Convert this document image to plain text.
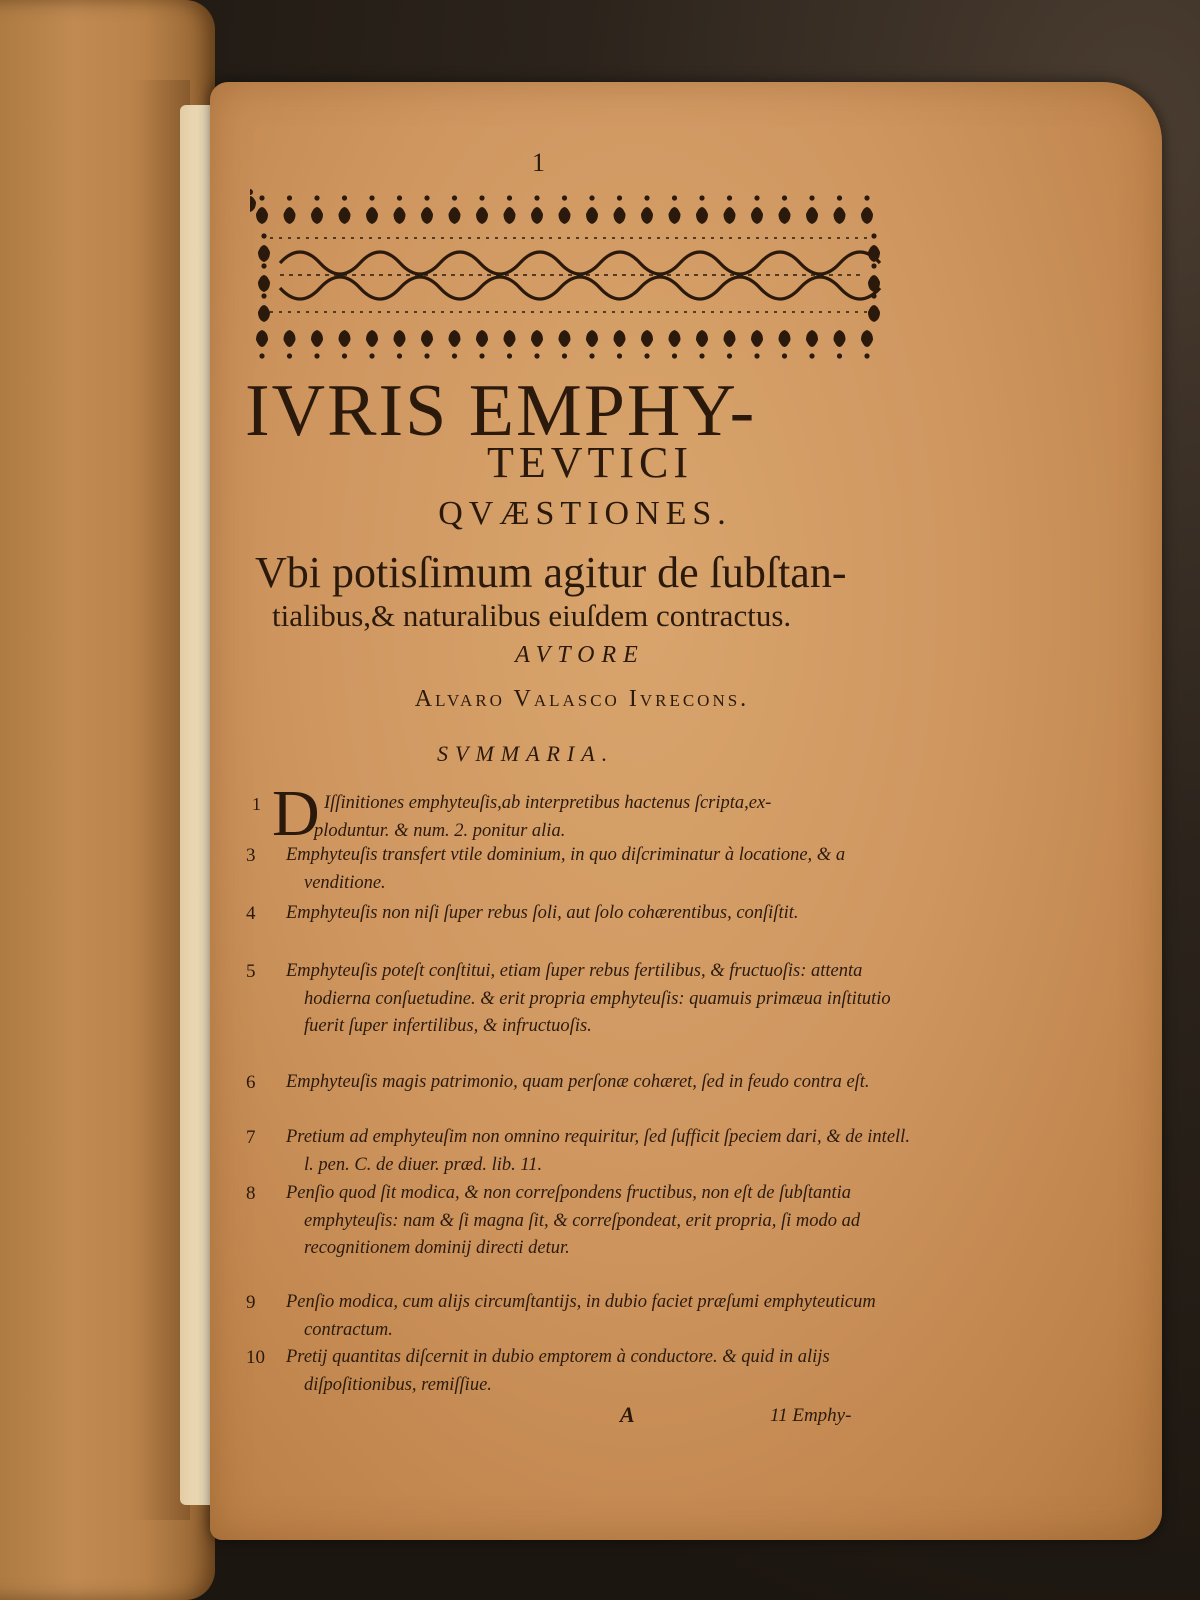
1
IVRIS EMPHY-
TEVTICI
QVÆSTIONES.
Vbi potisſimum agitur de ſubſtan-
tialibus,& naturalibus eiuſdem contractus.
AVTORE
Alvaro Valasco Ivrecons.
SVMMARIA.
1 D Iſſinitiones emphyteuſis,ab interpretibus hactenus ſcripta,ex-
ploduntur. & num. 2. ponitur alia.
3	Emphyteuſis transfert vtile dominium, in quo diſcriminatur à locatione, & a venditione.
4	Emphyteuſis non niſi ſuper rebus ſoli, aut ſolo cohærentibus, conſiſtit.
5	Emphyteuſis poteſt conſtitui, etiam ſuper rebus fertilibus, & fructuoſis: attenta hodierna conſuetudine. & erit propria emphyteuſis: quamuis primæua inſtitutio fuerit ſuper infertilibus, & infructuoſis.
6	Emphyteuſis magis patrimonio, quam perſonæ cohæret, ſed in feudo contra eſt.
7	Pretium ad emphyteuſim non omnino requiritur, ſed ſufficit ſpeciem dari, & de intell. l. pen. C. de diuer. præd. lib. 11.
8	Penſio quod ſit modica, & non correſpondens fructibus, non eſt de ſubſtantia emphyteuſis: nam & ſi magna ſit, & correſpondeat, erit propria, ſi modo ad recognitionem dominij directi detur.
9	Penſio modica, cum alijs circumſtantijs, in dubio faciet præſumi emphyteuticum contractum.
10	Pretij quantitas diſcernit in dubio emptorem à conductore. & quid in alijs diſpoſitionibus, remiſſiue.
A	11 Emphy-
